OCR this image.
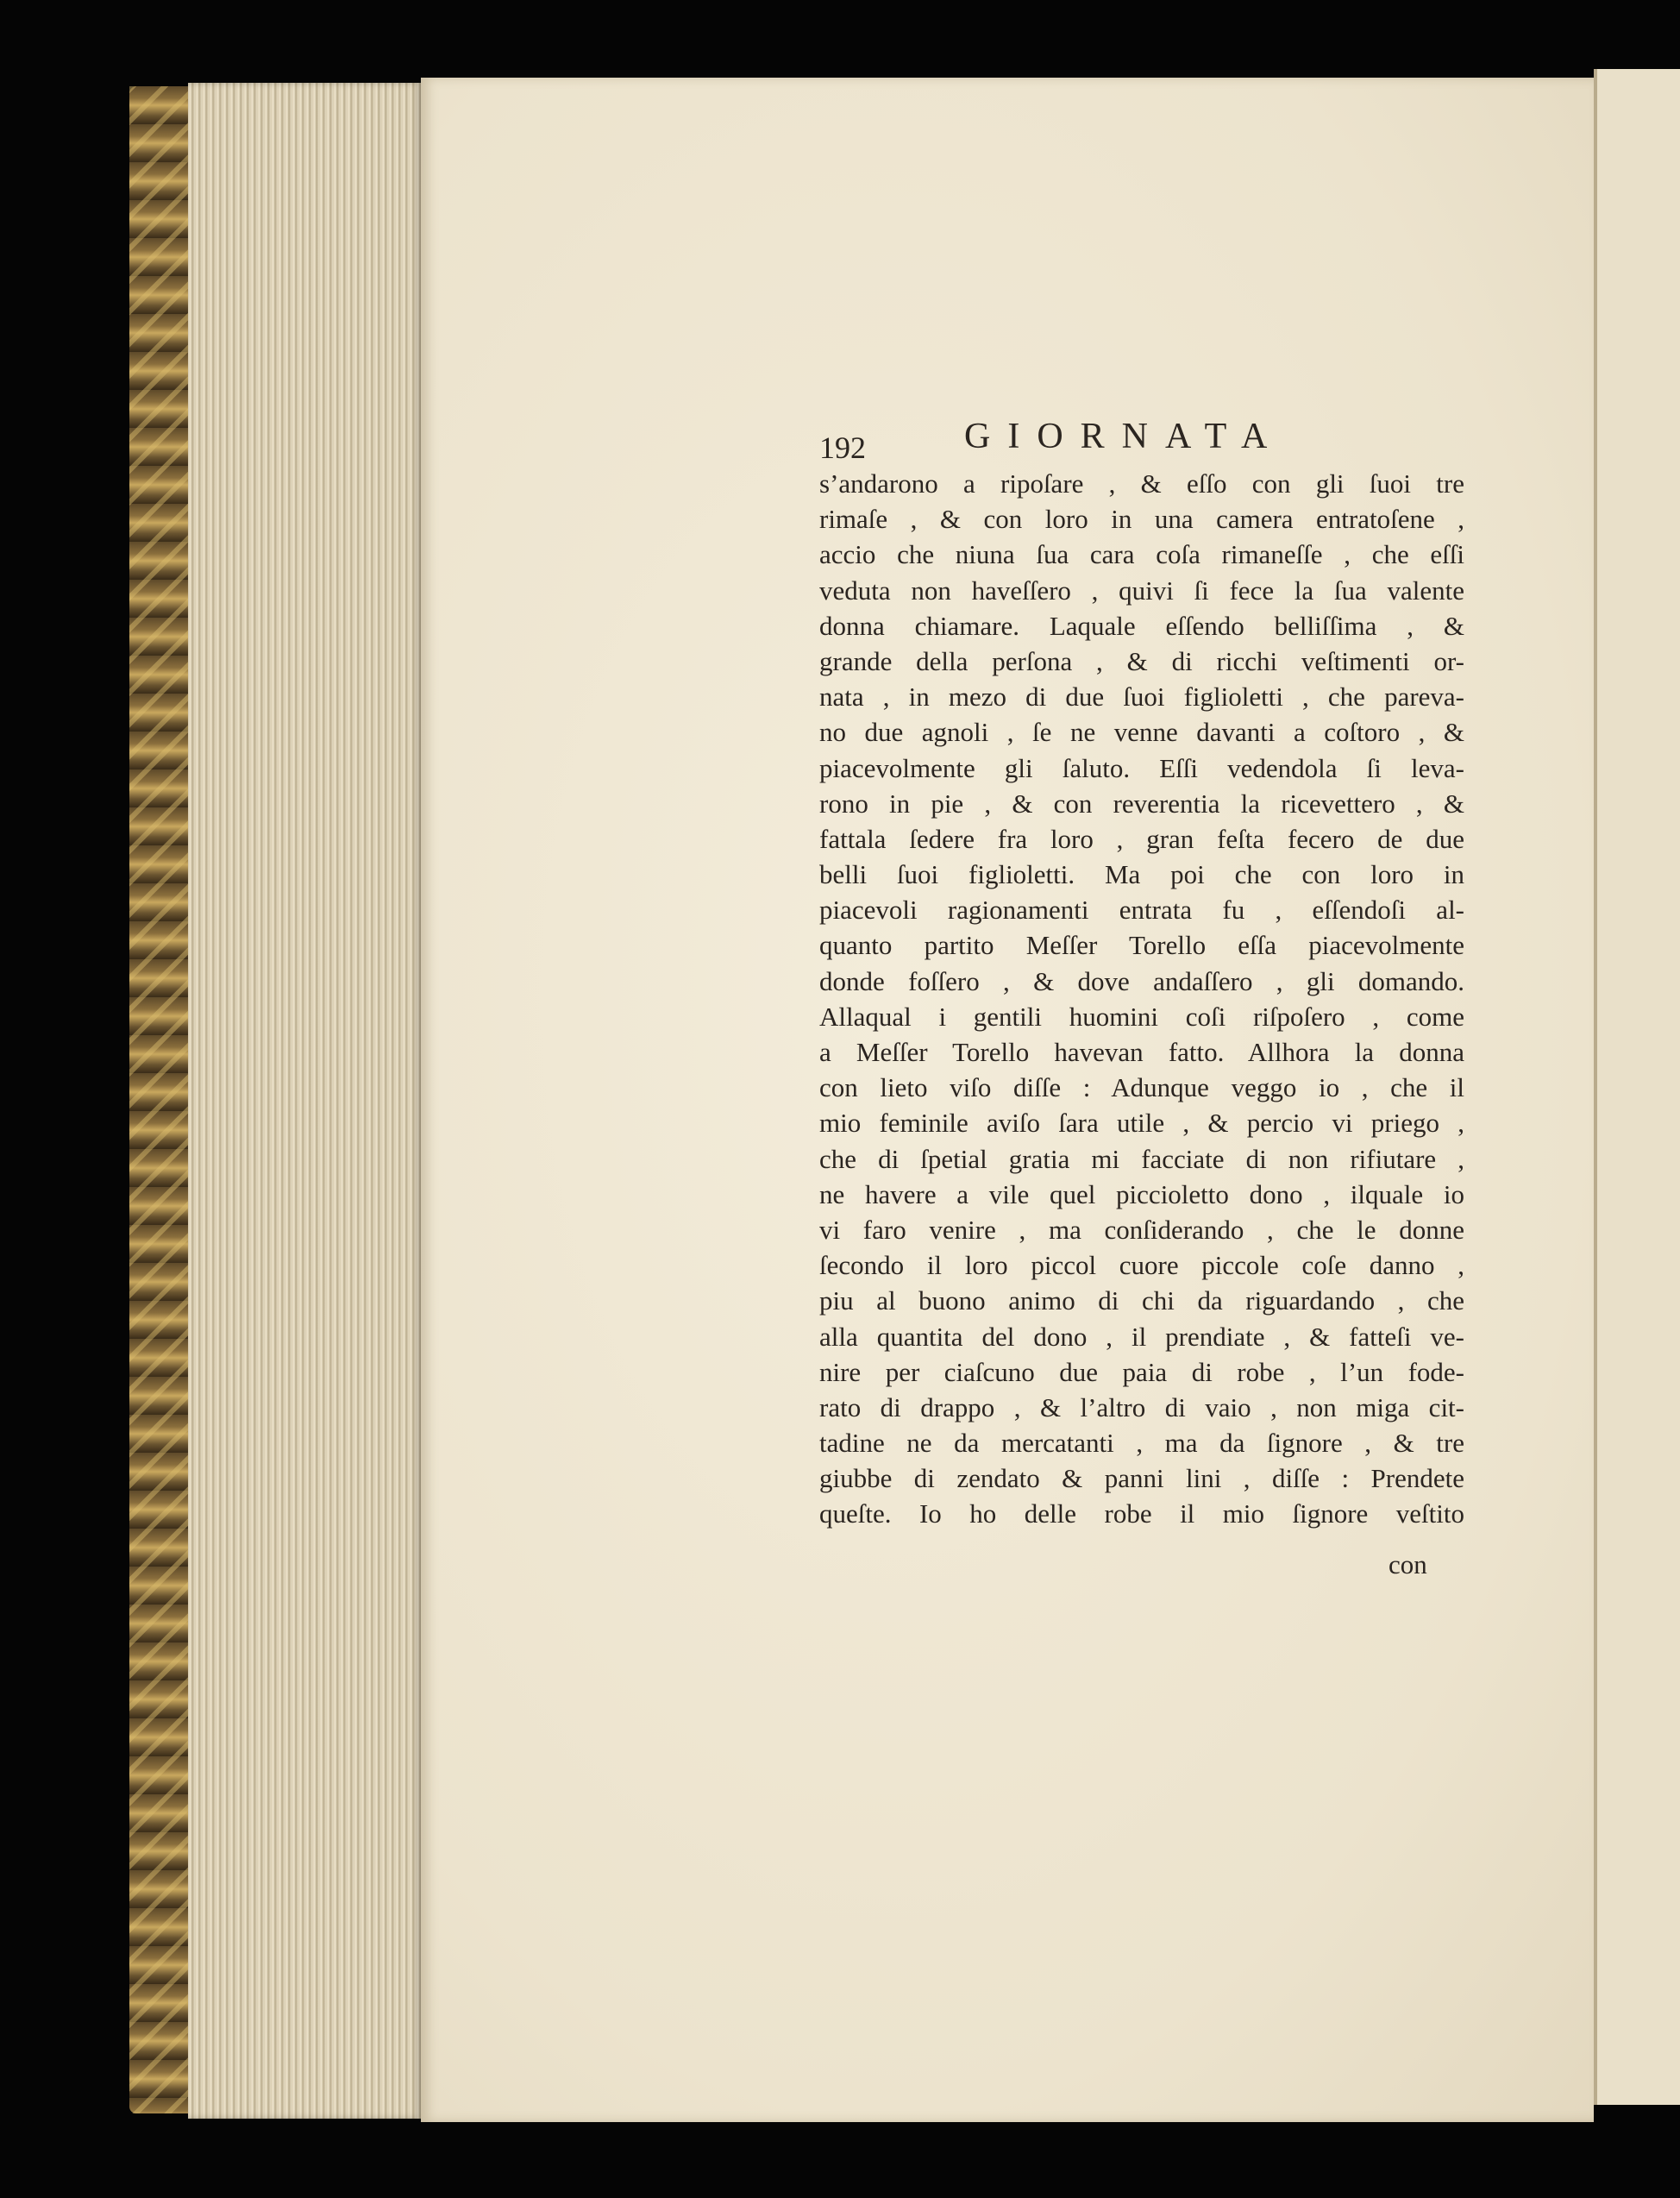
192	GIORNATA

s’andarono a ripoſare , & eſſo con gli ſuoi tre

rimaſe , & con loro in una camera entratoſene ,

accio che niuna ſua cara coſa rimaneſſe , che eſſi

veduta non haveſſero , quivi ſi fece la ſua valente

donna chiamare. Laquale eſſendo belliſſima , &

grande della perſona , & di ricchi veſtimenti or-

nata , in mezo di due ſuoi figlioletti , che pareva-

no due agnoli , ſe ne venne davanti a coſtoro , &

piacevolmente gli ſaluto. Eſſi vedendola ſi leva-

rono in pie , & con reverentia la ricevettero , &

fattala ſedere fra loro , gran feſta fecero de due

belli ſuoi figlioletti. Ma poi che con loro in

piacevoli ragionamenti entrata fu , eſſendoſi al-

quanto partito Meſſer Torello eſſa piacevolmente

donde foſſero , & dove andaſſero , gli domando.

Allaqual i gentili huomini coſi riſpoſero , come

a Meſſer Torello havevan fatto. Allhora la donna

con lieto viſo diſſe : Adunque veggo io , che il

mio feminile aviſo ſara utile , & percio vi priego ,

che di ſpetial gratia mi facciate di non rifiutare ,

ne havere a vile quel piccioletto dono , ilquale io

vi faro venire , ma conſiderando , che le donne

ſecondo il loro piccol cuore piccole coſe danno ,

piu al buono animo di chi da riguardando , che

alla quantita del dono , il prendiate , & fatteſi ve-

nire per ciaſcuno due paia di robe , l’un fode-

rato di drappo , & l’altro di vaio , non miga cit-

tadine ne da mercatanti , ma da ſignore , & tre

giubbe di zendato & panni lini , diſſe : Prendete

queſte. Io ho delle robe il mio ſignore veſtito

con
